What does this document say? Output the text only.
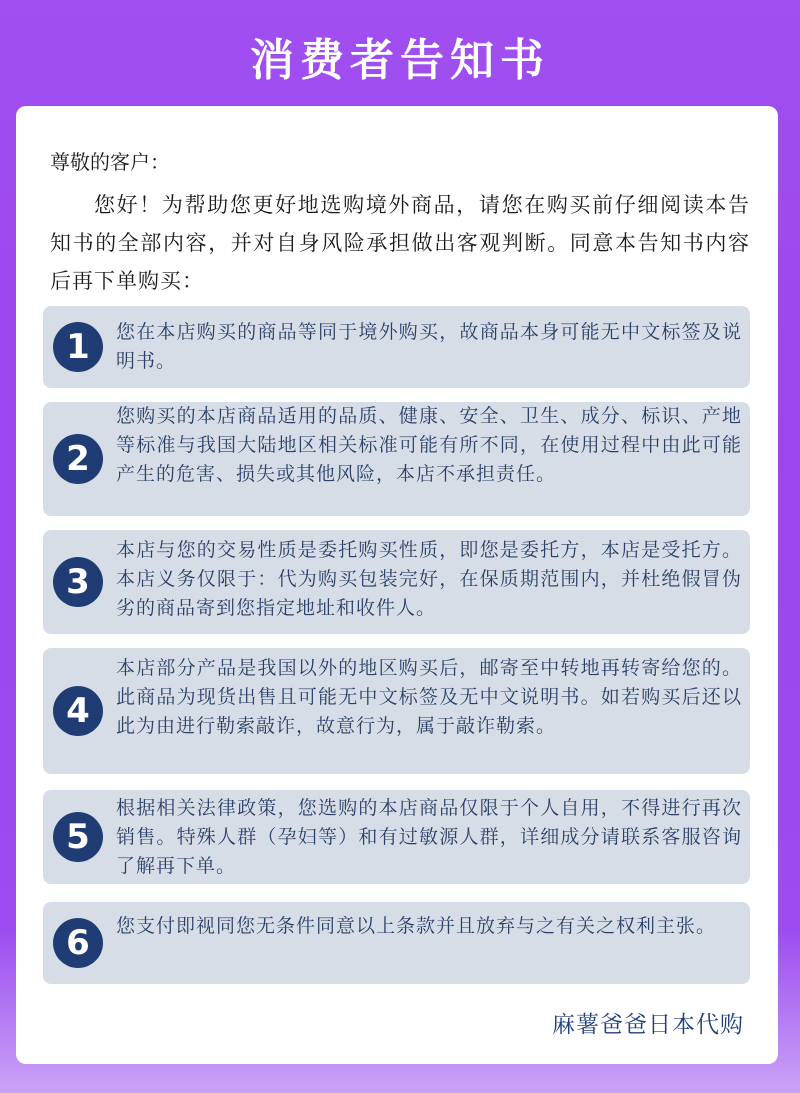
消费者告知书
尊敬的客户：
您好！为帮助您更好地选购境外商品，请您在购买前仔细阅读本告知书的全部内容，并对自身风险承担做出客观判断。同意本告知书内容后再下单购买：
1	您在本店购买的商品等同于境外购买，故商品本身可能无中文标签及说明书。
2
您购买的本店商品适用的品质、健康、安全、卫生、成分、标识、产地等标准与我国大陆地区相关标准可能有所不同，在使用过程中由此可能产生的危害、损失或其他风险，本店不承担责任。
3
本店与您的交易性质是委托购买性质，即您是委托方，本店是受托方。本店义务仅限于：代为购买包装完好，在保质期范围内，并杜绝假冒伪劣的商品寄到您指定地址和收件人。
4
本店部分产品是我国以外的地区购买后，邮寄至中转地再转寄给您的。此商品为现货出售且可能无中文标签及无中文说明书。如若购买后还以此为由进行勒索敲诈，故意行为，属于敲诈勒索。
5
根据相关法律政策，您选购的本店商品仅限于个人自用，不得进行再次销售。特殊人群（孕妇等）和有过敏源人群，详细成分请联系客服咨询了解再下单。
6	您支付即视同您无条件同意以上条款并且放弃与之有关之权利主张。
麻薯爸爸日本代购
